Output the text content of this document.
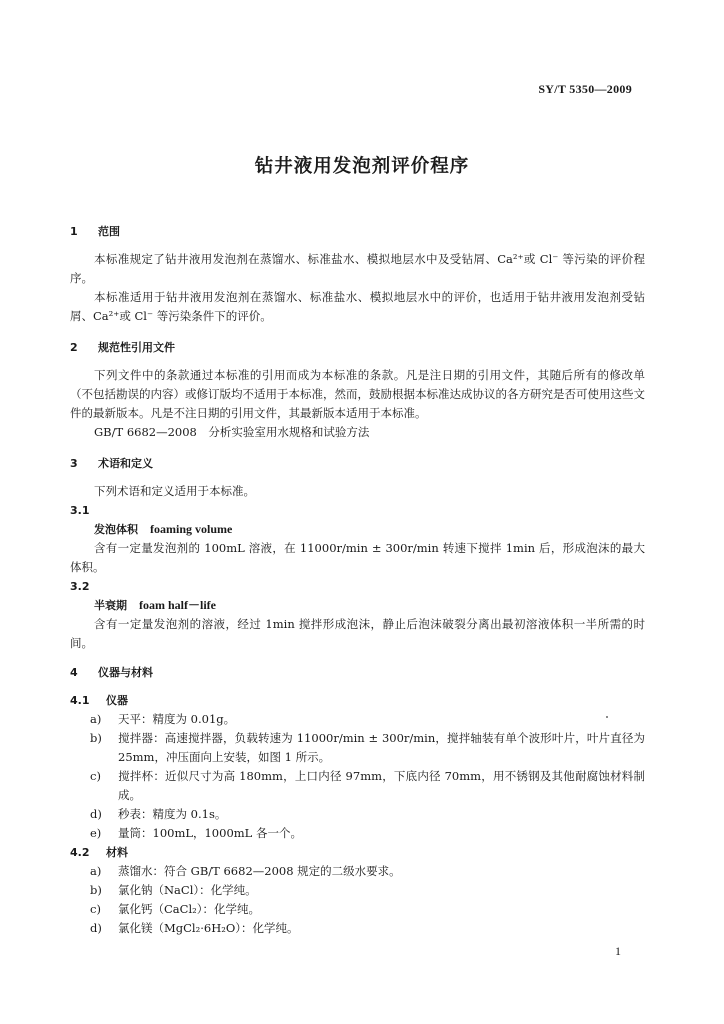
SY/T 5350—2009
钻井液用发泡剂评价程序
1 范围
本标准规定了钻井液用发泡剂在蒸馏水、标准盐水、模拟地层水中及受钻屑、Ca²⁺或 Cl⁻ 等污染的评价程序。
本标准适用于钻井液用发泡剂在蒸馏水、标准盐水、模拟地层水中的评价，也适用于钻井液用发泡剂受钻屑、Ca²⁺或 Cl⁻ 等污染条件下的评价。
2 规范性引用文件
下列文件中的条款通过本标准的引用而成为本标准的条款。凡是注日期的引用文件，其随后所有的修改单（不包括勘误的内容）或修订版均不适用于本标准，然而，鼓励根据本标准达成协议的各方研究是否可使用这些文件的最新版本。凡是不注日期的引用文件，其最新版本适用于本标准。
GB/T 6682—2008　分析实验室用水规格和试验方法
3 术语和定义
下列术语和定义适用于本标准。
3.1
发泡体积 foaming volume
含有一定量发泡剂的 100mL 溶液，在 11000r/min ± 300r/min 转速下搅拌 1min 后，形成泡沫的最大体积。
3.2
半衰期 foam half－life
含有一定量发泡剂的溶液，经过 1min 搅拌形成泡沫，静止后泡沫破裂分离出最初溶液体积一半所需的时间。
4 仪器与材料
4.1 仪器
a) 天平：精度为 0.01g。
b) 搅拌器：高速搅拌器，负载转速为 11000r/min ± 300r/min，搅拌轴装有单个波形叶片，叶片直径为 25mm，冲压面向上安装，如图 1 所示。
c) 搅拌杯：近似尺寸为高 180mm，上口内径 97mm，下底内径 70mm，用不锈钢及其他耐腐蚀材料制成。
d) 秒表：精度为 0.1s。
e) 量筒：100mL，1000mL 各一个。
4.2 材料
a) 蒸馏水：符合 GB/T 6682—2008 规定的二级水要求。
b) 氯化钠（NaCl）：化学纯。
c) 氯化钙（CaCl₂）：化学纯。
d) 氯化镁（MgCl₂·6H₂O）：化学纯。
1
